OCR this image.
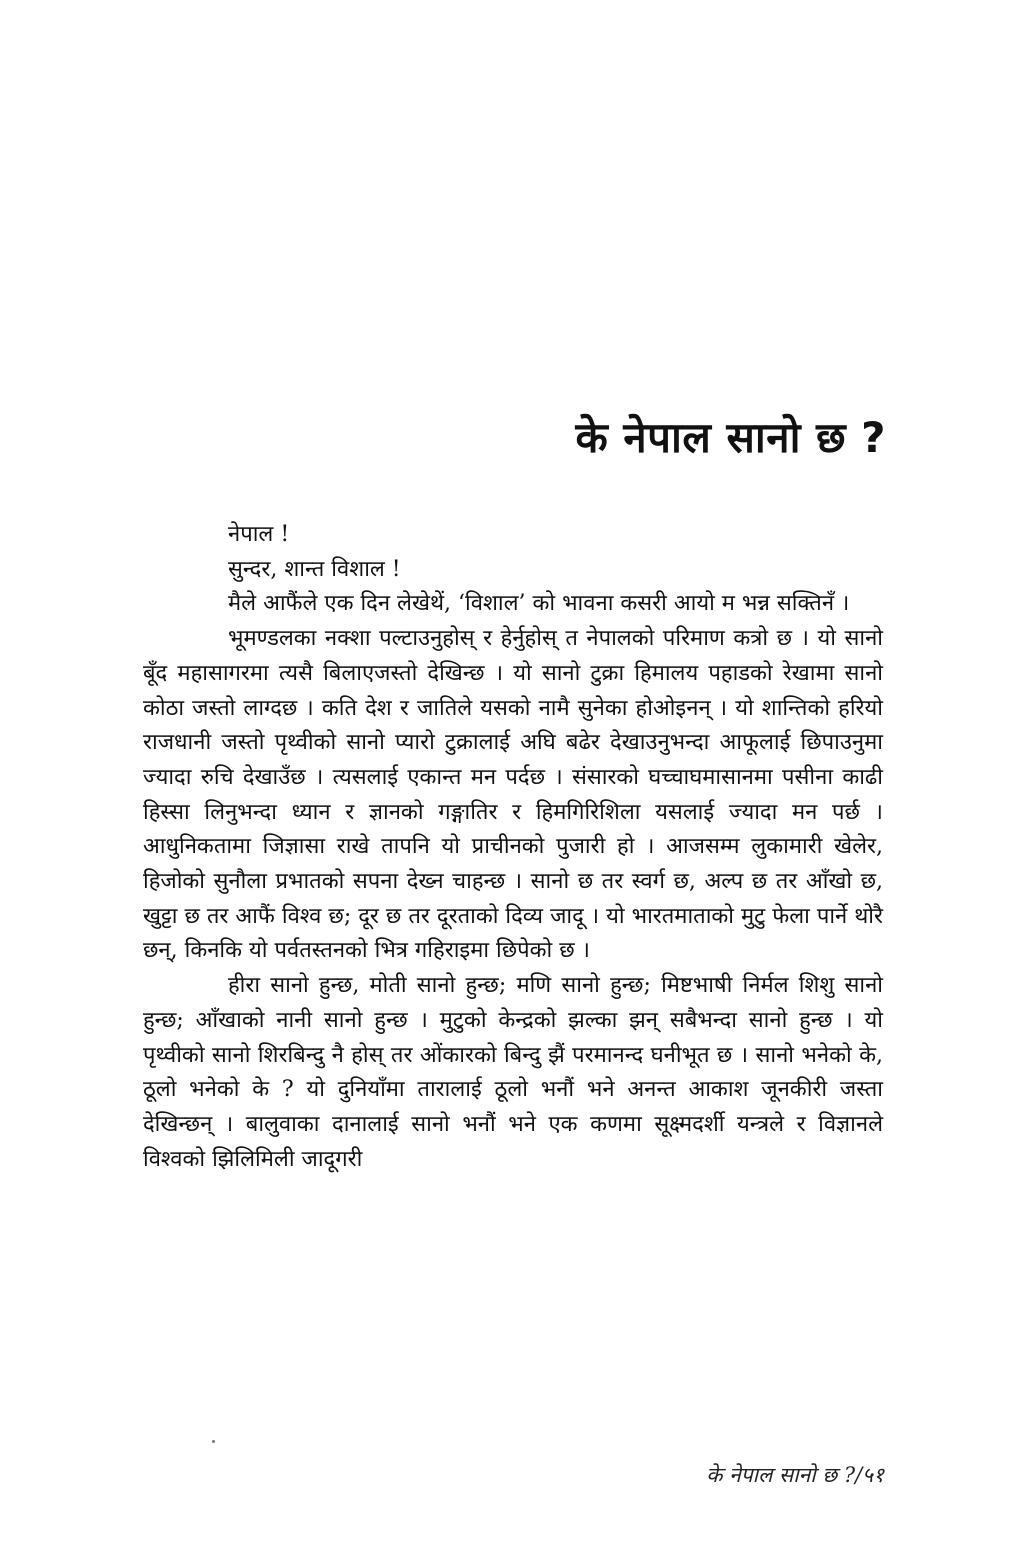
के नेपाल सानो छ ?

नेपाल !

सुन्दर, शान्त विशाल !

मैले आफैंले एक दिन लेखेथें, ‘विशाल’ को भावना कसरी आयो म भन्न सक्तिनँ ।

भूमण्डलका नक्शा पल्टाउनुहोस् र हेर्नुहोस् त नेपालको परिमाण कत्रो छ । यो सानो बूँद महासागरमा त्यसै बिलाएजस्तो देखिन्छ । यो सानो टुक्रा हिमालय पहाडको रेखामा सानो कोठा जस्तो लाग्दछ । कति देश र जातिले यसको नामै सुनेका होओइनन् । यो शान्तिको हरियो राजधानी जस्तो पृथ्वीको सानो प्यारो टुक्रालाई अघि बढेर देखाउनुभन्दा आफूलाई छिपाउनुमा ज्यादा रुचि देखाउँछ । त्यसलाई एकान्त मन पर्दछ । संसारको घच्चाघमासानमा पसीना काढी हिस्सा लिनुभन्दा ध्यान र ज्ञानको गङ्गातिर र हिमगिरिशिला यसलाई ज्यादा मन पर्छ । आधुनिकतामा जिज्ञासा राखे तापनि यो प्राचीनको पुजारी हो । आजसम्म लुकामारी खेलेर, हिजोको सुनौला प्रभातको सपना देख्न चाहन्छ । सानो छ तर स्वर्ग छ, अल्प छ तर आँखो छ, खुट्टा छ तर आफैं विश्व छ; दूर छ तर दूरताको दिव्य जादू । यो भारतमाताको मुटु फेला पार्ने थोरै छन्, किनकि यो पर्वतस्तनको भित्र गहिराइमा छिपेको छ ।

हीरा सानो हुन्छ, मोती सानो हुन्छ; मणि सानो हुन्छ; मिष्टभाषी निर्मल शिशु सानो हुन्छ; आँखाको नानी सानो हुन्छ । मुटुको केन्द्रको झल्का झन् सबैभन्दा सानो हुन्छ । यो पृथ्वीको सानो शिरबिन्दु नै होस् तर ओंकारको बिन्दु झैं परमानन्द घनीभूत छ । सानो भनेको के, ठूलो भनेको के ? यो दुनियाँमा तारालाई ठूलो भनौं भने अनन्त आकाश जूनकीरी जस्ता देखिन्छन् । बालुवाका दानालाई सानो भनौं भने एक कणमा सूक्ष्मदर्शी यन्त्रले र विज्ञानले विश्वको झिलिमिली जादूगरी

के नेपाल सानो छ ?/५१
